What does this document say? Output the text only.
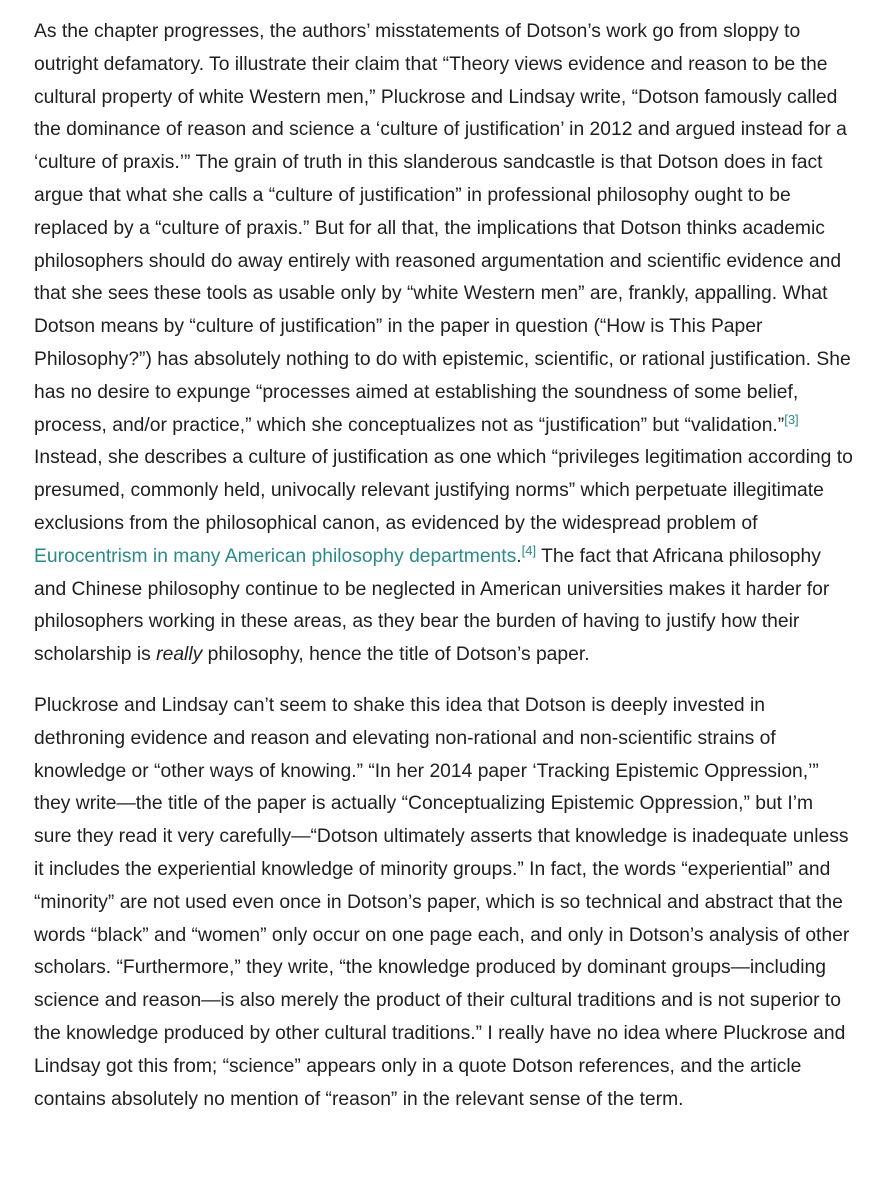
As the chapter progresses, the authors’ misstatements of Dotson’s work go from sloppy to outright defamatory. To illustrate their claim that “Theory views evidence and reason to be the cultural property of white Western men,” Pluckrose and Lindsay write, “Dotson famously called the dominance of reason and science a ‘culture of justification’ in 2012 and argued instead for a ‘culture of praxis.’” The grain of truth in this slanderous sandcastle is that Dotson does in fact argue that what she calls a “culture of justification” in professional philosophy ought to be replaced by a “culture of praxis.” But for all that, the implications that Dotson thinks academic philosophers should do away entirely with reasoned argumentation and scientific evidence and that she sees these tools as usable only by “white Western men” are, frankly, appalling. What Dotson means by “culture of justification” in the paper in question (“How is This Paper Philosophy?”) has absolutely nothing to do with epistemic, scientific, or rational justification. She has no desire to expunge “processes aimed at establishing the soundness of some belief, process, and/or practice,” which she conceptualizes not as “justification” but “validation.”[3] Instead, she describes a culture of justification as one which “privileges legitimation according to presumed, commonly held, univocally relevant justifying norms” which perpetuate illegitimate exclusions from the philosophical canon, as evidenced by the widespread problem of Eurocentrism in many American philosophy departments.[4] The fact that Africana philosophy and Chinese philosophy continue to be neglected in American universities makes it harder for philosophers working in these areas, as they bear the burden of having to justify how their scholarship is really philosophy, hence the title of Dotson’s paper.

Pluckrose and Lindsay can’t seem to shake this idea that Dotson is deeply invested in dethroning evidence and reason and elevating non-rational and non-scientific strains of knowledge or “other ways of knowing.” “In her 2014 paper ‘Tracking Epistemic Oppression,’” they write—the title of the paper is actually “Conceptualizing Epistemic Oppression,” but I’m sure they read it very carefully—“Dotson ultimately asserts that knowledge is inadequate unless it includes the experiential knowledge of minority groups.” In fact, the words “experiential” and “minority” are not used even once in Dotson’s paper, which is so technical and abstract that the words “black” and “women” only occur on one page each, and only in Dotson’s analysis of other scholars. “Furthermore,” they write, “the knowledge produced by dominant groups—including science and reason—is also merely the product of their cultural traditions and is not superior to the knowledge produced by other cultural traditions.” I really have no idea where Pluckrose and Lindsay got this from; “science” appears only in a quote Dotson references, and the article contains absolutely no mention of “reason” in the relevant sense of the term.
